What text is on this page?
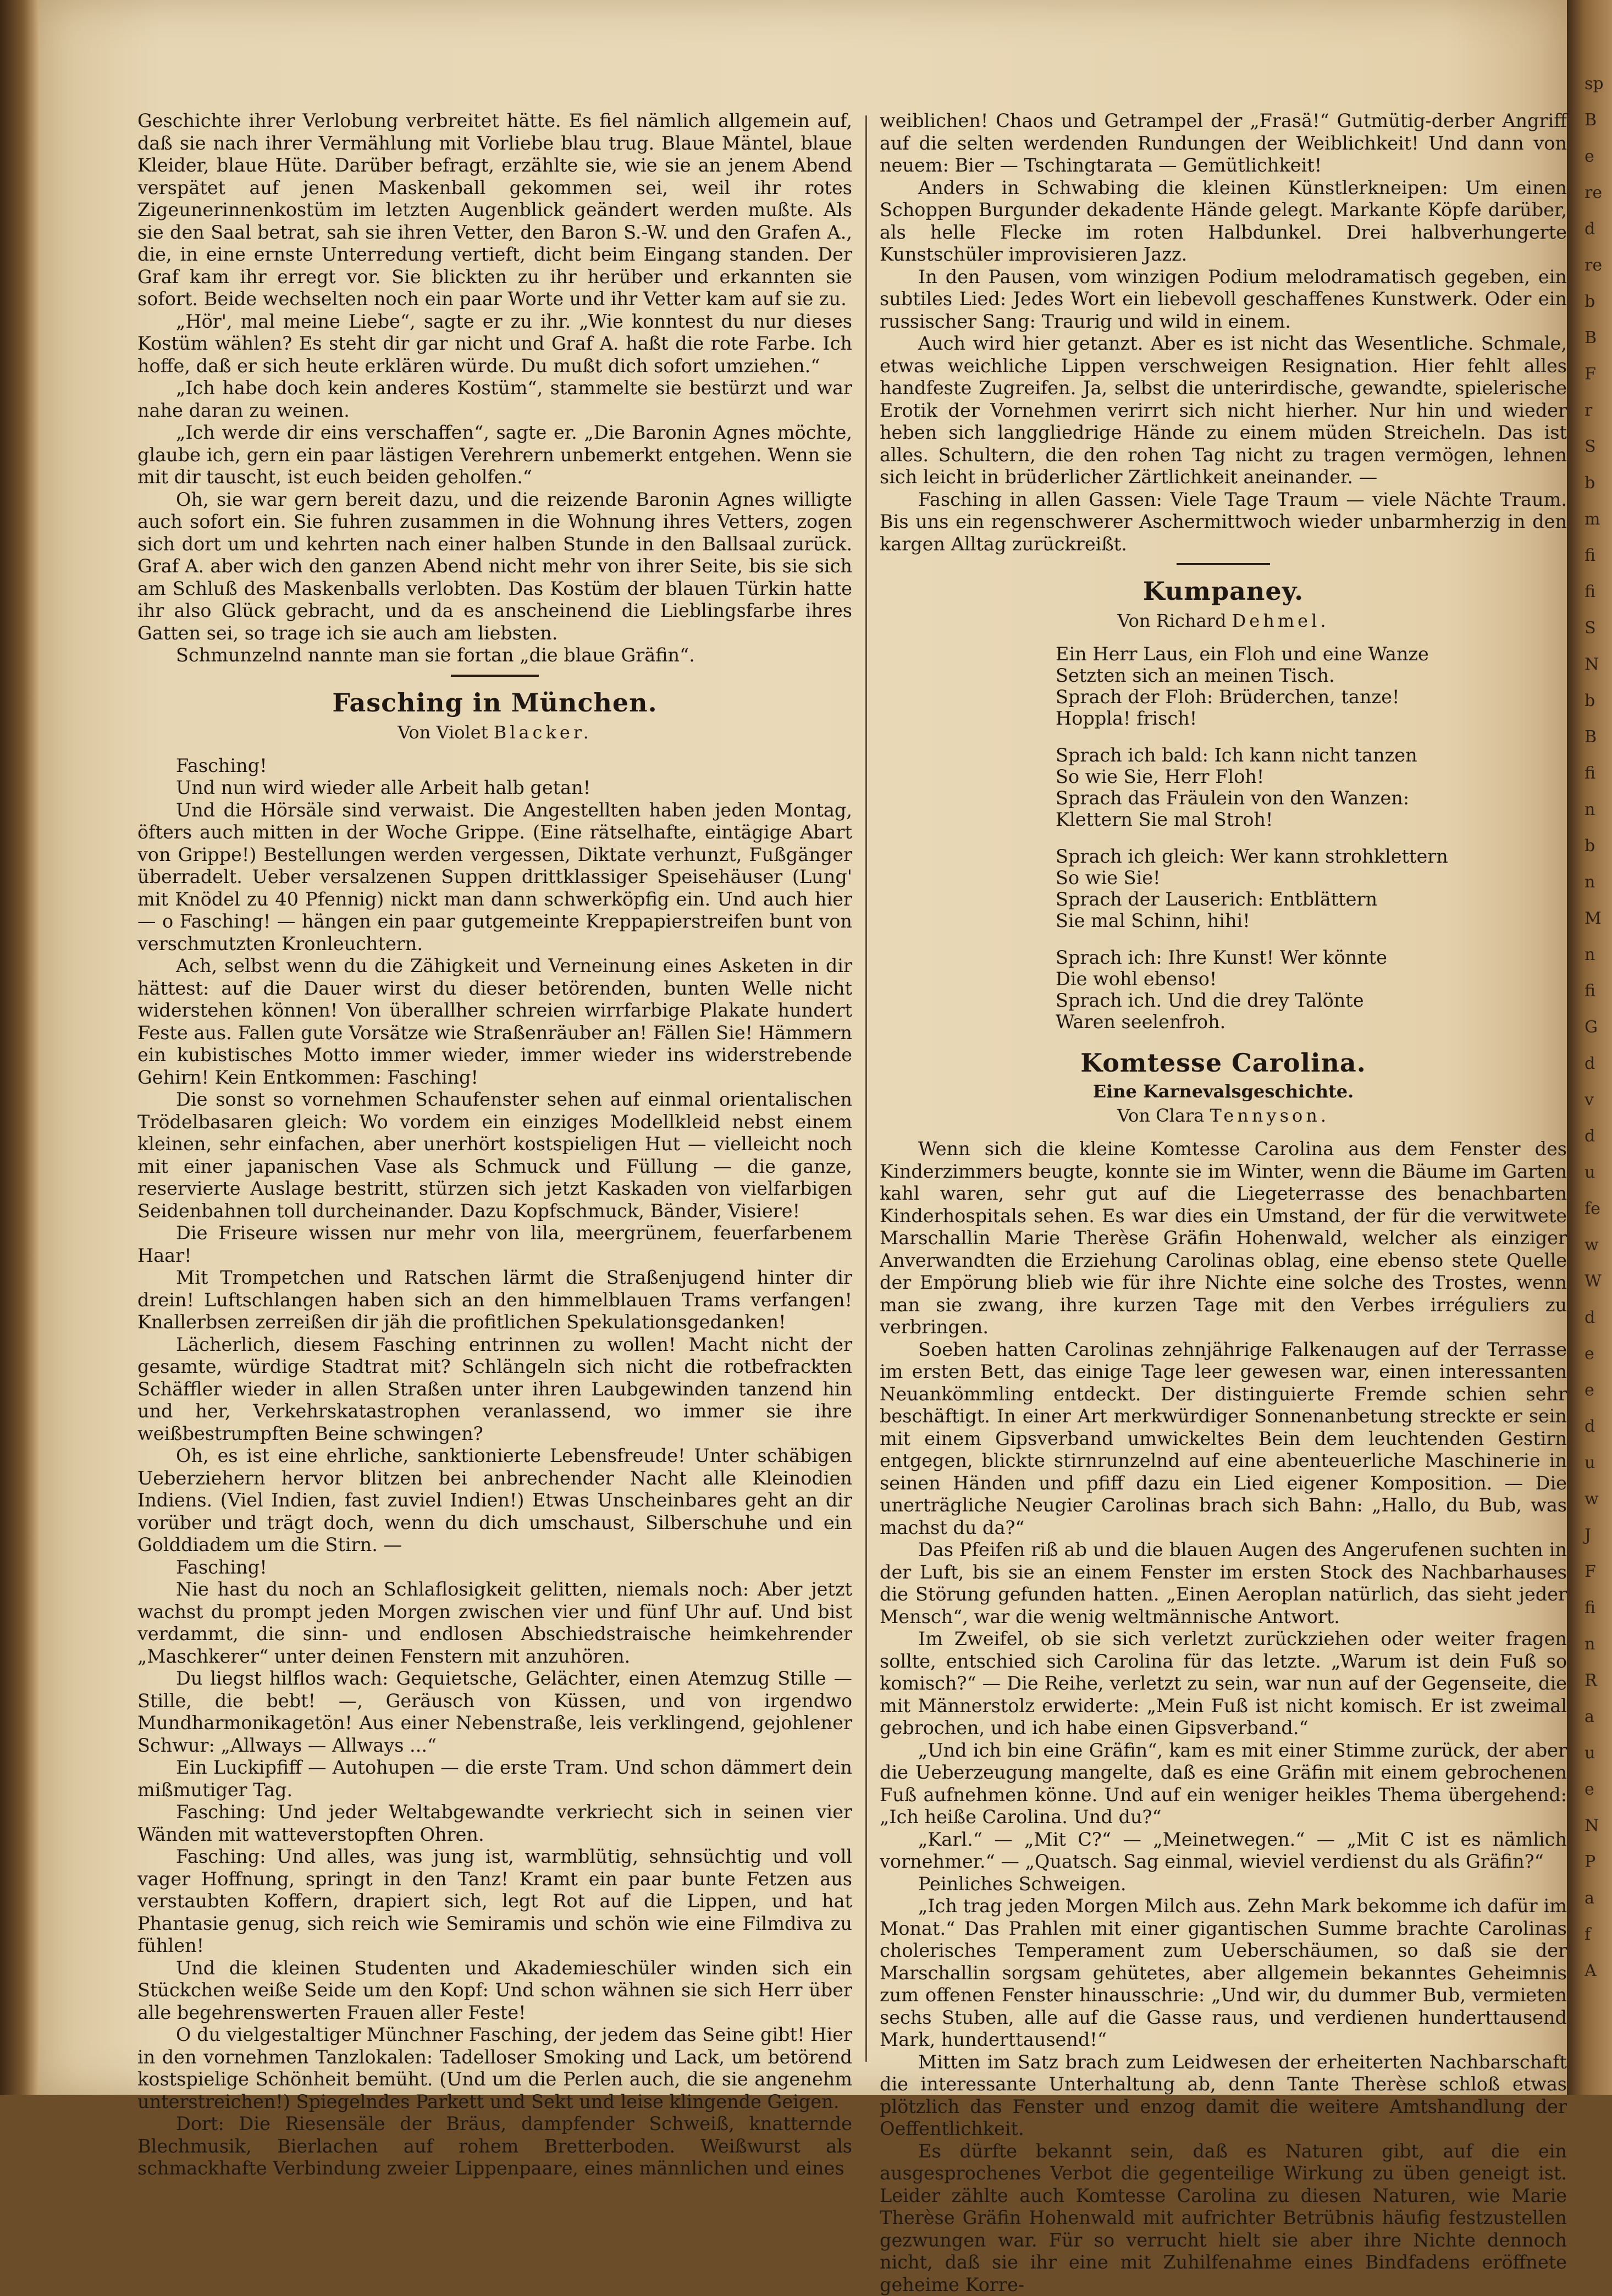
sp
B
e
re
d
re
b
B
F
r
S
b
m
fi
fi
S
N
b
B
fi
n
b
n
M
n
fi
G
d
v
d
u
fe
w
W
d
e
e
d
u
w
J
F
fi
n
R
a
u
e
N
P
a
f
A

Geschichte ihrer Verlobung verbreitet hätte. Es fiel nämlich allgemein auf, daß sie nach ihrer Vermählung mit Vorliebe blau trug. Blaue Mäntel, blaue Kleider, blaue Hüte. Darüber befragt, erzählte sie, wie sie an jenem Abend verspätet auf jenen Maskenball gekommen sei, weil ihr rotes Zigeunerinnenkostüm im letzten Augenblick geändert werden mußte. Als sie den Saal betrat, sah sie ihren Vetter, den Baron S.-W. und den Grafen A., die, in eine ernste Unterredung vertieft, dicht beim Eingang standen. Der Graf kam ihr erregt vor. Sie blickten zu ihr herüber und erkannten sie sofort. Beide wechselten noch ein paar Worte und ihr Vetter kam auf sie zu.

„Hör', mal meine Liebe“, sagte er zu ihr. „Wie konntest du nur dieses Kostüm wählen? Es steht dir gar nicht und Graf A. haßt die rote Farbe. Ich hoffe, daß er sich heute erklären würde. Du mußt dich sofort umziehen.“

„Ich habe doch kein anderes Kostüm“, stammelte sie bestürzt und war nahe daran zu weinen.

„Ich werde dir eins verschaffen“, sagte er. „Die Baronin Agnes möchte, glaube ich, gern ein paar lästigen Verehrern unbemerkt entgehen. Wenn sie mit dir tauscht, ist euch beiden geholfen.“

Oh, sie war gern bereit dazu, und die reizende Baronin Agnes willigte auch sofort ein. Sie fuhren zusammen in die Wohnung ihres Vetters, zogen sich dort um und kehrten nach einer halben Stunde in den Ballsaal zurück. Graf A. aber wich den ganzen Abend nicht mehr von ihrer Seite, bis sie sich am Schluß des Maskenballs verlobten. Das Kostüm der blauen Türkin hatte ihr also Glück gebracht, und da es anscheinend die Lieblingsfarbe ihres Gatten sei, so trage ich sie auch am liebsten.

Schmunzelnd nannte man sie fortan „die blaue Gräfin“.

Fasching in München.
Von Violet Blacker.

Fasching!

Und nun wird wieder alle Arbeit halb getan!

Und die Hörsäle sind verwaist. Die Angestellten haben jeden Montag, öfters auch mitten in der Woche Grippe. (Eine rätselhafte, eintägige Abart von Grippe!) Bestellungen werden vergessen, Diktate verhunzt, Fußgänger überradelt. Ueber versalzenen Suppen drittklassiger Speisehäuser (Lung' mit Knödel zu 40 Pfennig) nickt man dann schwerköpfig ein. Und auch hier — o Fasching! — hängen ein paar gutgemeinte Kreppapierstreifen bunt von verschmutzten Kronleuchtern.

Ach, selbst wenn du die Zähigkeit und Verneinung eines Asketen in dir hättest: auf die Dauer wirst du dieser betörenden, bunten Welle nicht widerstehen können! Von überallher schreien wirrfarbige Plakate hundert Feste aus. Fallen gute Vorsätze wie Straßenräuber an! Fällen Sie! Hämmern ein kubistisches Motto immer wieder, immer wieder ins widerstrebende Gehirn! Kein Entkommen: Fasching!

Die sonst so vornehmen Schaufenster sehen auf einmal orientalischen Trödelbasaren gleich: Wo vordem ein einziges Modellkleid nebst einem kleinen, sehr einfachen, aber unerhört kostspieligen Hut — vielleicht noch mit einer japanischen Vase als Schmuck und Füllung — die ganze, reservierte Auslage bestritt, stürzen sich jetzt Kaskaden von vielfarbigen Seidenbahnen toll durcheinander. Dazu Kopfschmuck, Bänder, Visiere!

Die Friseure wissen nur mehr von lila, meergrünem, feuerfarbenem Haar!

Mit Trompetchen und Ratschen lärmt die Straßenjugend hinter dir drein! Luftschlangen haben sich an den himmelblauen Trams verfangen! Knallerbsen zerreißen dir jäh die profitlichen Spekulationsgedanken!

Lächerlich, diesem Fasching entrinnen zu wollen! Macht nicht der gesamte, würdige Stadtrat mit? Schlängeln sich nicht die rotbefrackten Schäffler wieder in allen Straßen unter ihren Laubgewinden tanzend hin und her, Verkehrskatastrophen veranlassend, wo immer sie ihre weißbestrumpften Beine schwingen?

Oh, es ist eine ehrliche, sanktionierte Lebensfreude! Unter schäbigen Ueberziehern hervor blitzen bei anbrechender Nacht alle Kleinodien Indiens. (Viel Indien, fast zuviel Indien!) Etwas Unscheinbares geht an dir vorüber und trägt doch, wenn du dich umschaust, Silberschuhe und ein Golddiadem um die Stirn. —

Fasching!

Nie hast du noch an Schlaflosigkeit gelitten, niemals noch: Aber jetzt wachst du prompt jeden Morgen zwischen vier und fünf Uhr auf. Und bist verdammt, die sinn- und endlosen Abschiedstraische heimkehrender „Maschkerer“ unter deinen Fenstern mit anzuhören.

Du liegst hilflos wach: Gequietsche, Gelächter, einen Atemzug Stille — Stille, die bebt! —, Geräusch von Küssen, und von irgendwo Mundharmonikagetön! Aus einer Nebenstraße, leis verklingend, gejohlener Schwur: „Allways — Allways ...“

Ein Luckipfiff — Autohupen — die erste Tram. Und schon dämmert dein mißmutiger Tag.

Fasching: Und jeder Weltabgewandte verkriecht sich in seinen vier Wänden mit watteverstopften Ohren.

Fasching: Und alles, was jung ist, warmblütig, sehnsüchtig und voll vager Hoffnung, springt in den Tanz! Kramt ein paar bunte Fetzen aus verstaubten Koffern, drapiert sich, legt Rot auf die Lippen, und hat Phantasie genug, sich reich wie Semiramis und schön wie eine Filmdiva zu fühlen!

Und die kleinen Studenten und Akademieschüler winden sich ein Stückchen weiße Seide um den Kopf: Und schon wähnen sie sich Herr über alle begehrenswerten Frauen aller Feste!

O du vielgestaltiger Münchner Fasching, der jedem das Seine gibt! Hier in den vornehmen Tanzlokalen: Tadelloser Smoking und Lack, um betörend kostspielige Schönheit bemüht. (Und um die Perlen auch, die sie angenehm unterstreichen!) Spiegelndes Parkett und Sekt und leise klingende Geigen.

Dort: Die Riesensäle der Bräus, dampfender Schweiß, knatternde Blechmusik, Bierlachen auf rohem Bretterboden. Weißwurst als schmackhafte Verbindung zweier Lippenpaare, eines männlichen und eines

weiblichen! Chaos und Getrampel der „Frasä!“ Gutmütig-derber Angriff auf die selten werdenden Rundungen der Weiblichkeit! Und dann von neuem: Bier — Tschingtarata — Gemütlichkeit!

Anders in Schwabing die kleinen Künstlerkneipen: Um einen Schoppen Burgunder dekadente Hände gelegt. Markante Köpfe darüber, als helle Flecke im roten Halbdunkel. Drei halbverhungerte Kunstschüler improvisieren Jazz.

In den Pausen, vom winzigen Podium melodramatisch gegeben, ein subtiles Lied: Jedes Wort ein liebevoll geschaffenes Kunstwerk. Oder ein russischer Sang: Traurig und wild in einem.

Auch wird hier getanzt. Aber es ist nicht das Wesentliche. Schmale, etwas weichliche Lippen verschweigen Resignation. Hier fehlt alles handfeste Zugreifen. Ja, selbst die unterirdische, gewandte, spielerische Erotik der Vornehmen verirrt sich nicht hierher. Nur hin und wieder heben sich langgliedrige Hände zu einem müden Streicheln. Das ist alles. Schultern, die den rohen Tag nicht zu tragen vermögen, lehnen sich leicht in brüderlicher Zärtlichkeit aneinander. —

Fasching in allen Gassen: Viele Tage Traum — viele Nächte Traum. Bis uns ein regenschwerer Aschermittwoch wieder unbarmherzig in den kargen Alltag zurückreißt.

Kumpaney.
Von Richard Dehmel.
Ein Herr Laus, ein Floh und eine Wanze
Setzten sich an meinen Tisch.
Sprach der Floh: Brüderchen, tanze!
Hoppla! frisch!
Sprach ich bald: Ich kann nicht tanzen
So wie Sie, Herr Floh!
Sprach das Fräulein von den Wanzen:
Klettern Sie mal Stroh!
Sprach ich gleich: Wer kann strohklettern
So wie Sie!
Sprach der Lauserich: Entblättern
Sie mal Schinn, hihi!
Sprach ich: Ihre Kunst! Wer könnte
Die wohl ebenso!
Sprach ich. Und die drey Talönte
Waren seelenfroh.
Komtesse Carolina.
Eine Karnevalsgeschichte.
Von Clara Tennyson.

Wenn sich die kleine Komtesse Carolina aus dem Fenster des Kinderzimmers beugte, konnte sie im Winter, wenn die Bäume im Garten kahl waren, sehr gut auf die Liegeterrasse des benachbarten Kinderhospitals sehen. Es war dies ein Umstand, der für die verwitwete Marschallin Marie Therèse Gräfin Hohenwald, welcher als einziger Anverwandten die Erziehung Carolinas oblag, eine ebenso stete Quelle der Empörung blieb wie für ihre Nichte eine solche des Trostes, wenn man sie zwang, ihre kurzen Tage mit den Verbes irréguliers zu verbringen.

Soeben hatten Carolinas zehnjährige Falkenaugen auf der Terrasse im ersten Bett, das einige Tage leer gewesen war, einen interessanten Neuankömmling entdeckt. Der distinguierte Fremde schien sehr beschäftigt. In einer Art merkwürdiger Sonnenanbetung streckte er sein mit einem Gipsverband umwickeltes Bein dem leuchtenden Gestirn entgegen, blickte stirnrunzelnd auf eine abenteuerliche Maschinerie in seinen Händen und pfiff dazu ein Lied eigener Komposition. — Die unerträgliche Neugier Carolinas brach sich Bahn: „Hallo, du Bub, was machst du da?“

Das Pfeifen riß ab und die blauen Augen des Angerufenen suchten in der Luft, bis sie an einem Fenster im ersten Stock des Nachbarhauses die Störung gefunden hatten. „Einen Aeroplan natürlich, das sieht jeder Mensch“, war die wenig weltmännische Antwort.

Im Zweifel, ob sie sich verletzt zurückziehen oder weiter fragen sollte, entschied sich Carolina für das letzte. „Warum ist dein Fuß so komisch?“ — Die Reihe, verletzt zu sein, war nun auf der Gegenseite, die mit Männerstolz erwiderte: „Mein Fuß ist nicht komisch. Er ist zweimal gebrochen, und ich habe einen Gipsverband.“

„Und ich bin eine Gräfin“, kam es mit einer Stimme zurück, der aber die Ueberzeugung mangelte, daß es eine Gräfin mit einem gebrochenen Fuß aufnehmen könne. Und auf ein weniger heikles Thema übergehend: „Ich heiße Carolina. Und du?“

„Karl.“ — „Mit C?“ — „Meinetwegen.“ — „Mit C ist es nämlich vornehmer.“ — „Quatsch. Sag einmal, wieviel verdienst du als Gräfin?“

Peinliches Schweigen.

„Ich trag jeden Morgen Milch aus. Zehn Mark bekomme ich dafür im Monat.“ Das Prahlen mit einer gigantischen Summe brachte Carolinas cholerisches Temperament zum Ueberschäumen, so daß sie der Marschallin sorgsam gehütetes, aber allgemein bekanntes Geheimnis zum offenen Fenster hinausschrie: „Und wir, du dummer Bub, vermieten sechs Stuben, alle auf die Gasse raus, und verdienen hunderttausend Mark, hunderttausend!“

Mitten im Satz brach zum Leidwesen der erheiterten Nachbarschaft die interessante Unterhaltung ab, denn Tante Therèse schloß etwas plötzlich das Fenster und enzog damit die weitere Amtshandlung der Oeffentlichkeit.

Es dürfte bekannt sein, daß es Naturen gibt, auf die ein ausgesprochenes Verbot die gegenteilige Wirkung zu üben geneigt ist. Leider zählte auch Komtesse Carolina zu diesen Naturen, wie Marie Therèse Gräfin Hohenwald mit aufrichter Betrübnis häufig festzustellen gezwungen war. Für so verrucht hielt sie aber ihre Nichte dennoch nicht, daß sie ihr eine mit Zuhilfenahme eines Bindfadens eröffnete geheime Korre-
